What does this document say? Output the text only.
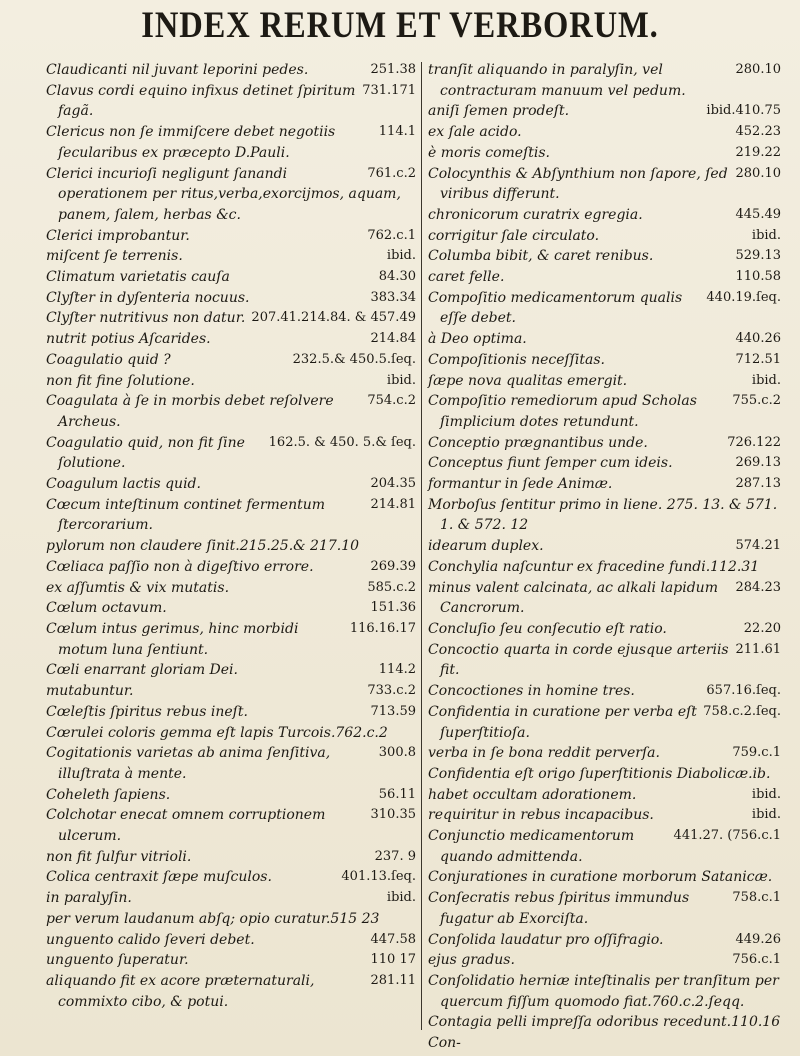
INDEX RERUM ET VERBORUM.

251.38
Claudicanti nil juvant leporini pedes.

731.171
Clavus cordi equino infixus detinet ſpiritum fagã.

114.1
Clericus non ſe immiſcere debet negotiis ſecularibus ex præcepto D.Pauli.

761.c.2
Clerici incurioſi negligunt ſanandi operationem per ritus,verba,exorcijmos, aquam, panem, ſalem, herbas &c.

762.c.1
Clerici improbantur.

ibid.
miſcent ſe terrenis.

84.30
Climatum varietatis cauſa

383.34
Clyſter in dyſenteria nocuus.

207.41.214.84. & 457.49
Clyſter nutritivus non datur.

214.84
nutrit potius Aſcarides.

232.5.& 450.5.ſeq.
Coagulatio quid ?

ibid.
non fit fine ſolutione.

754.c.2
Coagulata à ſe in morbis debet reſolvere Archeus.

162.5. & 450. 5.& ſeq.
Coagulatio quid, non fit ſine ſolutione.

204.35
Coagulum lactis quid.

214.81
Cœcum inteſtinum continet fermentum ſtercorarium.

pylorum non claudere ſinit.215.25.& 217.10

269.39
Cœliaca paſſio non à digeſtivo errore.

585.c.2
ex aſſumtis & vix mutatis.

151.36
Cœlum octavum.

116.16.17
Cœlum intus gerimus, hinc morbidi motum luna ſentiunt.

114.2
Cœli enarrant gloriam Dei.

733.c.2
mutabuntur.

713.59
Cœleſtis ſpiritus rebus ineſt.

Cœrulei coloris gemma eſt lapis Turcois.762.c.2

300.8
Cogitationis varietas ab anima ſenſitiva, illuſtrata à mente.

56.11
Coheleth ſapiens.

310.35
Colchotar enecat omnem corruptionem ulcerum.

237. 9
non fit ſulfur vitrioli.

401.13.ſeq.
Colica centraxit ſæpe muſculos.

ibid.
in paralyſin.

per verum laudanum abſq; opio curatur.515 23

447.58
unguento calido ſeveri debet.

110 17
unguento ſuperatur.

281.11
aliquando fit ex acore præternaturali, commixto cibo, & potui.

280.10
tranſit aliquando in paralyſin, vel contracturam manuum vel pedum.

ibid.410.75
aniſi ſemen prodeſt.

452.23
ex ſale acido.

219.22
è moris comeſtis.

280.10
Colocynthis & Abſynthium non ſapore, ſed viribus differunt.

445.49
chronicorum curatrix egregia.

ibid.
corrigitur ſale circulato.

529.13
Columba bibit, & caret renibus.

110.58
caret felle.

440.19.ſeq.
Compoſitio medicamentorum qualis eſſe debet.

440.26
à Deo optima.

712.51
Compoſitionis neceſſitas.

ibid.
ſæpe nova qualitas emergit.

755.c.2
Compoſitio remediorum apud Scholas ſimplicium dotes retundunt.

726.122
Conceptio prægnantibus unde.

269.13
Conceptus fiunt ſemper cum ideis.

287.13
formantur in ſede Animæ.

Morboſus ſentitur primo in liene. 275. 13. & 571. 1. & 572. 12

574.21
idearum duplex.

Conchylia naſcuntur ex fracedine fundi.112.31

284.23
minus valent calcinata, ac alkali lapidum Cancrorum.

22.20
Concluſio ſeu conſecutio eſt ratio.

211.61
Concoctio quarta in corde ejusque arteriis fit.

657.16.ſeq.
Concoctiones in homine tres.

758.c.2.ſeq.
Confidentia in curatione per verba eſt ſuperſtitioſa.

759.c.1
verba in ſe bona reddit perverſa.

Confidentia eſt origo ſuperſtitionis Diabolicæ.ib.

ibid.
habet occultam adorationem.

ibid.
requiritur in rebus incapacibus.

441.27. (756.c.1
Conjunctio medicamentorum quando admittenda.

Conjurationes in curatione morborum Satanicæ.

758.c.1
Conſecratis rebus ſpiritus immundus fugatur ab Exorciſta.

449.26
Conſolida laudatur pro oſſifragio.

756.c.1
ejus gradus.

Conſolidatio herniæ inteſtinalis per tranſitum per quercum fiſſum quomodo fiat.760.c.2.ſeqq.

Contagia pelli impreſſa odoribus recedunt.110.16

Con-
